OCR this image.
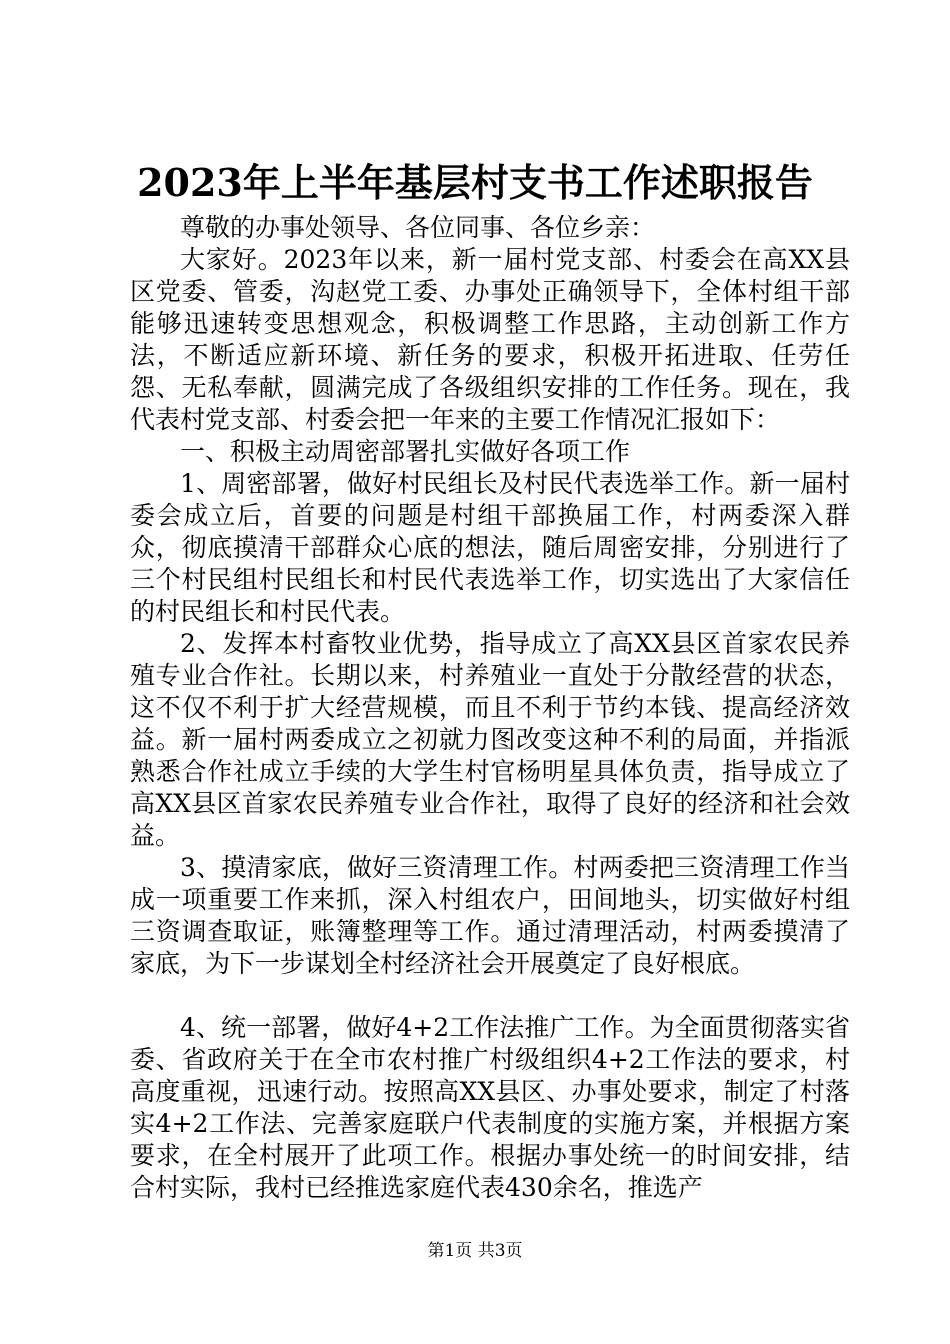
2023年上半年基层村支书工作述职报告

尊敬的办事处领导、各位同事、各位乡亲：

大家好。2023年以来，新一届村党支部、村委会在高XX县区党委、管委，沟赵党工委、办事处正确领导下，全体村组干部能够迅速转变思想观念，积极调整工作思路，主动创新工作方法，不断适应新环境、新任务的要求，积极开拓进取、任劳任怨、无私奉献，圆满完成了各级组织安排的工作任务。现在，我代表村党支部、村委会把一年来的主要工作情况汇报如下：

一、积极主动周密部署扎实做好各项工作

1、周密部署，做好村民组长及村民代表选举工作。新一届村委会成立后，首要的问题是村组干部换届工作，村两委深入群众，彻底摸清干部群众心底的想法，随后周密安排，分别进行了三个村民组村民组长和村民代表选举工作，切实选出了大家信任的村民组长和村民代表。

2、发挥本村畜牧业优势，指导成立了高XX县区首家农民养殖专业合作社。长期以来，村养殖业一直处于分散经营的状态，这不仅不利于扩大经营规模，而且不利于节约本钱、提高经济效益。新一届村两委成立之初就力图改变这种不利的局面，并指派熟悉合作社成立手续的大学生村官杨明星具体负责，指导成立了高XX县区首家农民养殖专业合作社，取得了良好的经济和社会效益。

3、摸清家底，做好三资清理工作。村两委把三资清理工作当成一项重要工作来抓，深入村组农户，田间地头，切实做好村组三资调查取证，账簿整理等工作。通过清理活动，村两委摸清了家底，为下一步谋划全村经济社会开展奠定了良好根底。

4、统一部署，做好4+2工作法推广工作。为全面贯彻落实省委、省政府关于在全市农村推广村级组织4+2工作法的要求，村高度重视，迅速行动。按照高XX县区、办事处要求，制定了村落实4+2工作法、完善家庭联户代表制度的实施方案，并根据方案要求，在全村展开了此项工作。根据办事处统一的时间安排，结合村实际，我村已经推选家庭代表430余名，推选产

第1页 共3页
